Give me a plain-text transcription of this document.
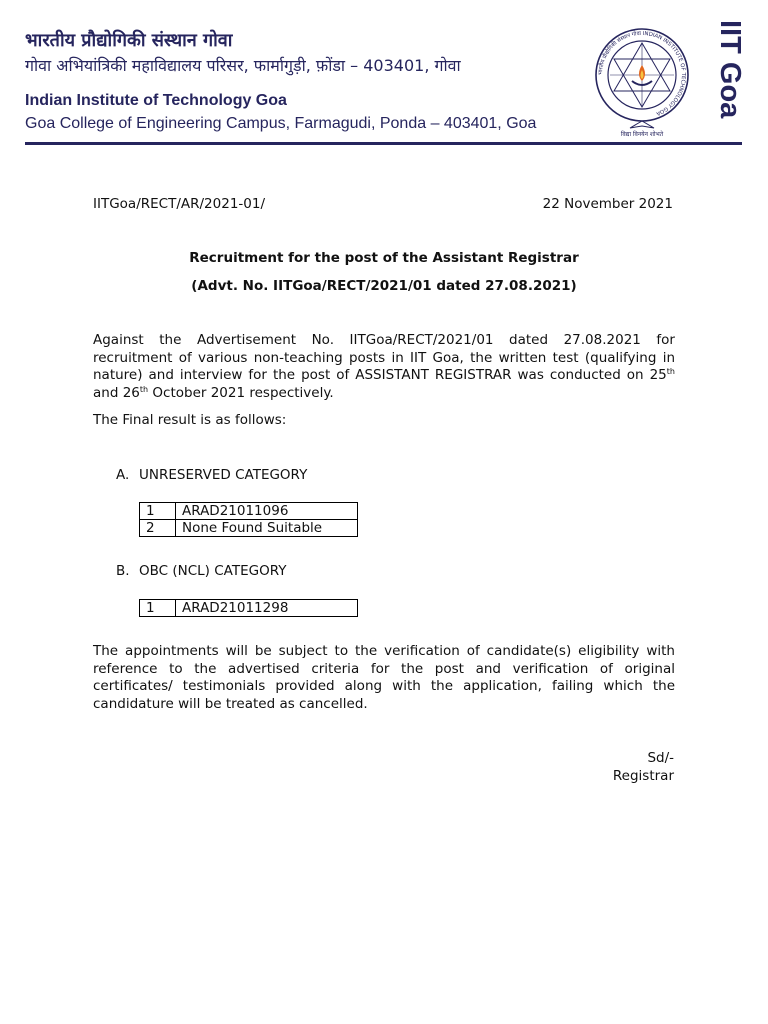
भारतीय प्रौद्योगिकी संस्थान गोवा
गोवा अभियांत्रिकी महाविद्यालय परिसर, फार्मागुड़ी, फ़ोंडा – 403401, गोवा
Indian Institute of Technology Goa
Goa College of Engineering Campus, Farmagudi, Ponda – 403401, Goa
भारतीय प्रौद्योगिकी संस्थान गोवा INDIAN INSTITUTE OF TECHNOLOGY GOA
विद्या विनयेन शोभते
IIT Goa
IITGoa/RECT/AR/2021-01/	22 November 2021
Recruitment for the post of the Assistant Registrar
(Advt. No. IITGoa/RECT/2021/01 dated 27.08.2021)
Against the Advertisement No. IITGoa/RECT/2021/01 dated 27.08.2021 for recruitment of various non-teaching posts in IIT Goa, the written test (qualifying in nature) and interview for the post of ASSISTANT REGISTRAR was conducted on 25th and 26th October 2021 respectively.
The Final result is as follows:
A. UNRESERVED CATEGORY
1	ARAD21011096
2	None Found Suitable
B. OBC (NCL) CATEGORY
1	ARAD21011298
The appointments will be subject to the verification of candidate(s) eligibility with reference to the advertised criteria for the post and verification of original certificates/ testimonials provided along with the application, failing which the candidature will be treated as cancelled.
Sd/-
Registrar
